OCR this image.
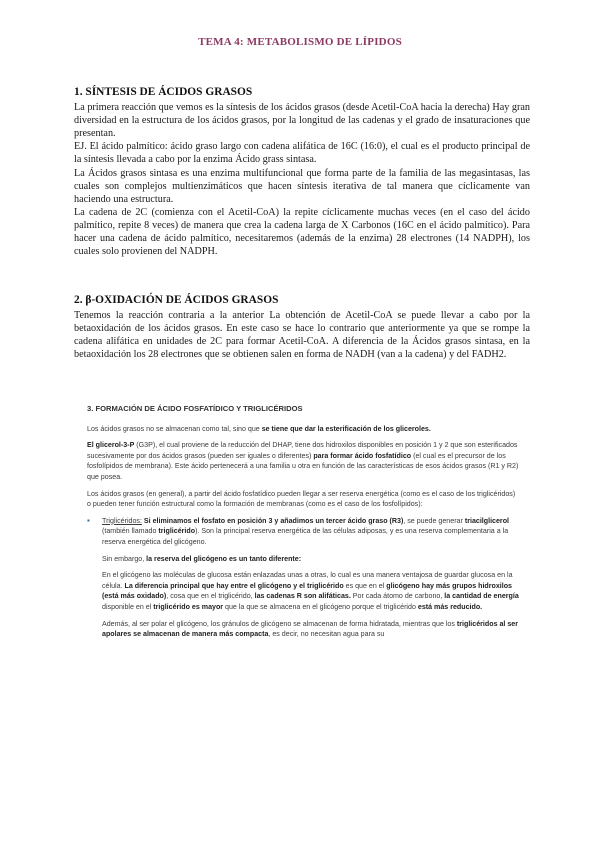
TEMA 4: METABOLISMO DE LÍPIDOS
1. SÍNTESIS DE ÁCIDOS GRASOS

La primera reacción que vemos es la síntesis de los ácidos grasos (desde Acetil-CoA hacia la derecha) Hay gran diversidad en la estructura de los ácidos grasos, por la longitud de las cadenas y el grado de insaturaciones que presentan.

EJ. El ácido palmítico: ácido graso largo con cadena alifática de 16C (16:0), el cual es el producto principal de la síntesis llevada a cabo por la enzima Ácido grass sintasa.

La Ácidos grasos sintasa es una enzima multifuncional que forma parte de la familia de las megasintasas, las cuales son complejos multienzimáticos que hacen síntesis iterativa de tal manera que cíclicamente van haciendo una estructura.

La cadena de 2C (comienza con el Acetil-CoA) la repite cíclicamente muchas veces (en el caso del ácido palmítico, repite 8 veces) de manera que crea la cadena larga de X Carbonos (16C en el ácido palmítico). Para hacer una cadena de ácido palmítico, necesitaremos (además de la enzima) 28 electrones (14 NADPH), los cuales solo provienen del NADPH.

2. β-OXIDACIÓN DE ÁCIDOS GRASOS

Tenemos la reacción contraria a la anterior La obtención de Acetil-CoA se puede llevar a cabo por la betaoxidación de los ácidos grasos. En este caso se hace lo contrario que anteriormente ya que se rompe la cadena alifática en unidades de 2C para formar Acetil-CoA. A diferencia de la Ácidos grasos sintasa, en la betaoxidación los 28 electrones que se obtienen salen en forma de NADH (van a la cadena) y del FADH2.

3. FORMACIÓN DE ÁCIDO FOSFATÍDICO Y TRIGLICÉRIDOS

Los ácidos grasos no se almacenan como tal, sino que se tiene que dar la esterificación de los gliceroles.

El glicerol-3-P (G3P), el cual proviene de la reducción del DHAP, tiene dos hidroxilos disponibles en posición 1 y 2 que son esterificados sucesivamente por dos ácidos grasos (pueden ser iguales o diferentes) para formar ácido fosfatídico (el cual es el precursor de los fosfolípidos de membrana). Este ácido pertenecerá a una familia u otra en función de las características de esos ácidos grasos (R1 y R2) que posea.

Los ácidos grasos (en general), a partir del ácido fosfatídico pueden llegar a ser reserva energética (como es el caso de los triglicéridos) o pueden tener función estructural como la formación de membranas (como es el caso de los fosfolípidos):

▪ Triglicéridos: Si eliminamos el fosfato en posición 3 y añadimos un tercer ácido graso (R3), se puede generar triacilglicerol (también llamado triglicérido). Son la principal reserva energética de las células adiposas, y es una reserva complementaria a la reserva energética del glicógeno.

Sin embargo, la reserva del glicógeno es un tanto diferente:

En el glicógeno las moléculas de glucosa están enlazadas unas a otras, lo cual es una manera ventajosa de guardar glucosa en la célula. La diferencia principal que hay entre el glicógeno y el triglicérido es que en el glicógeno hay más grupos hidroxilos (está más oxidado), cosa que en el triglicérido, las cadenas R son alifáticas. Por cada átomo de carbono, la cantidad de energía disponible en el triglicérido es mayor que la que se almacena en el glicógeno porque el triglicérido está más reducido.

Además, al ser polar el glicógeno, los gránulos de glicógeno se almacenan de forma hidratada, mientras que los triglicéridos al ser apolares se almacenan de manera más compacta, es decir, no necesitan agua para su
